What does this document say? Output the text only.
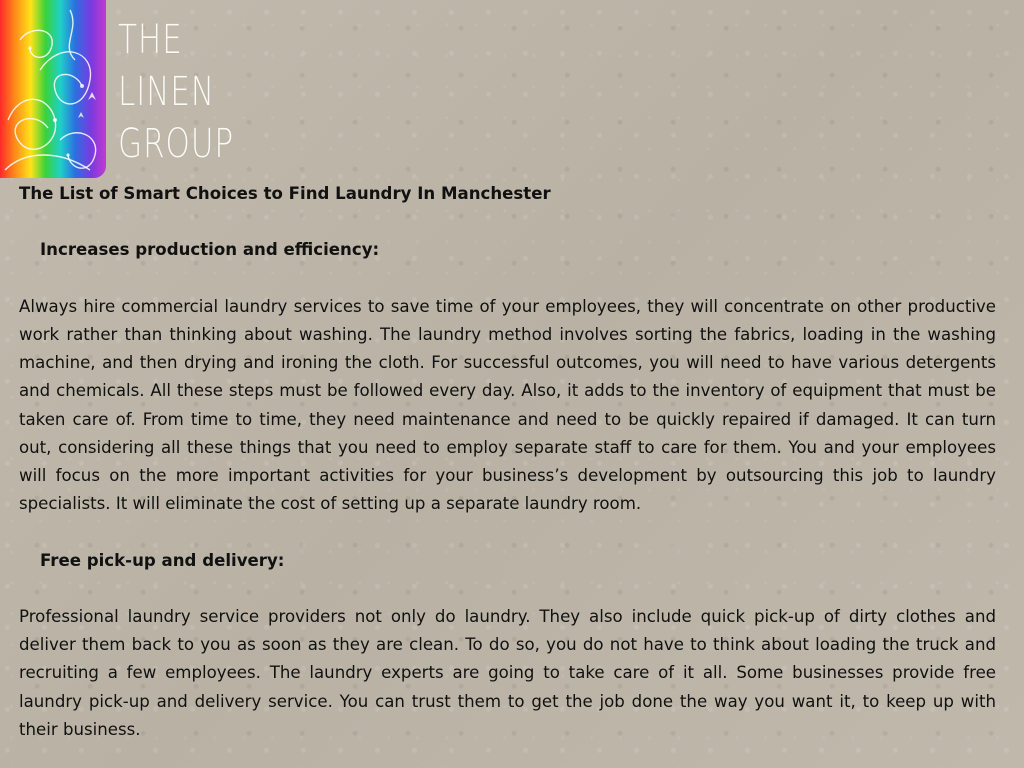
THE
LINEN
GROUP
The List of Smart Choices to Find Laundry In Manchester
Increases production and efficiency:

Always hire commercial laundry services to save time of your employees, they will concentrate on other productive work rather than thinking about washing. The laundry method involves sorting the fabrics, loading in the washing machine, and then drying and ironing the cloth. For successful outcomes, you will need to have various detergents and chemicals. All these steps must be followed every day. Also, it adds to the inventory of equipment that must be taken care of. From time to time, they need maintenance and need to be quickly repaired if damaged. It can turn out, considering all these things that you need to employ separate staff to care for them. You and your employees will focus on the more important activities for your business’s development by outsourcing this job to laundry specialists. It will eliminate the cost of setting up a separate laundry room.

Free pick-up and delivery:

Professional laundry service providers not only do laundry. They also include quick pick-up of dirty clothes and deliver them back to you as soon as they are clean. To do so, you do not have to think about loading the truck and recruiting a few employees. The laundry experts are going to take care of it all. Some businesses provide free laundry pick-up and delivery service. You can trust them to get the job done the way you want it, to keep up with their business.
